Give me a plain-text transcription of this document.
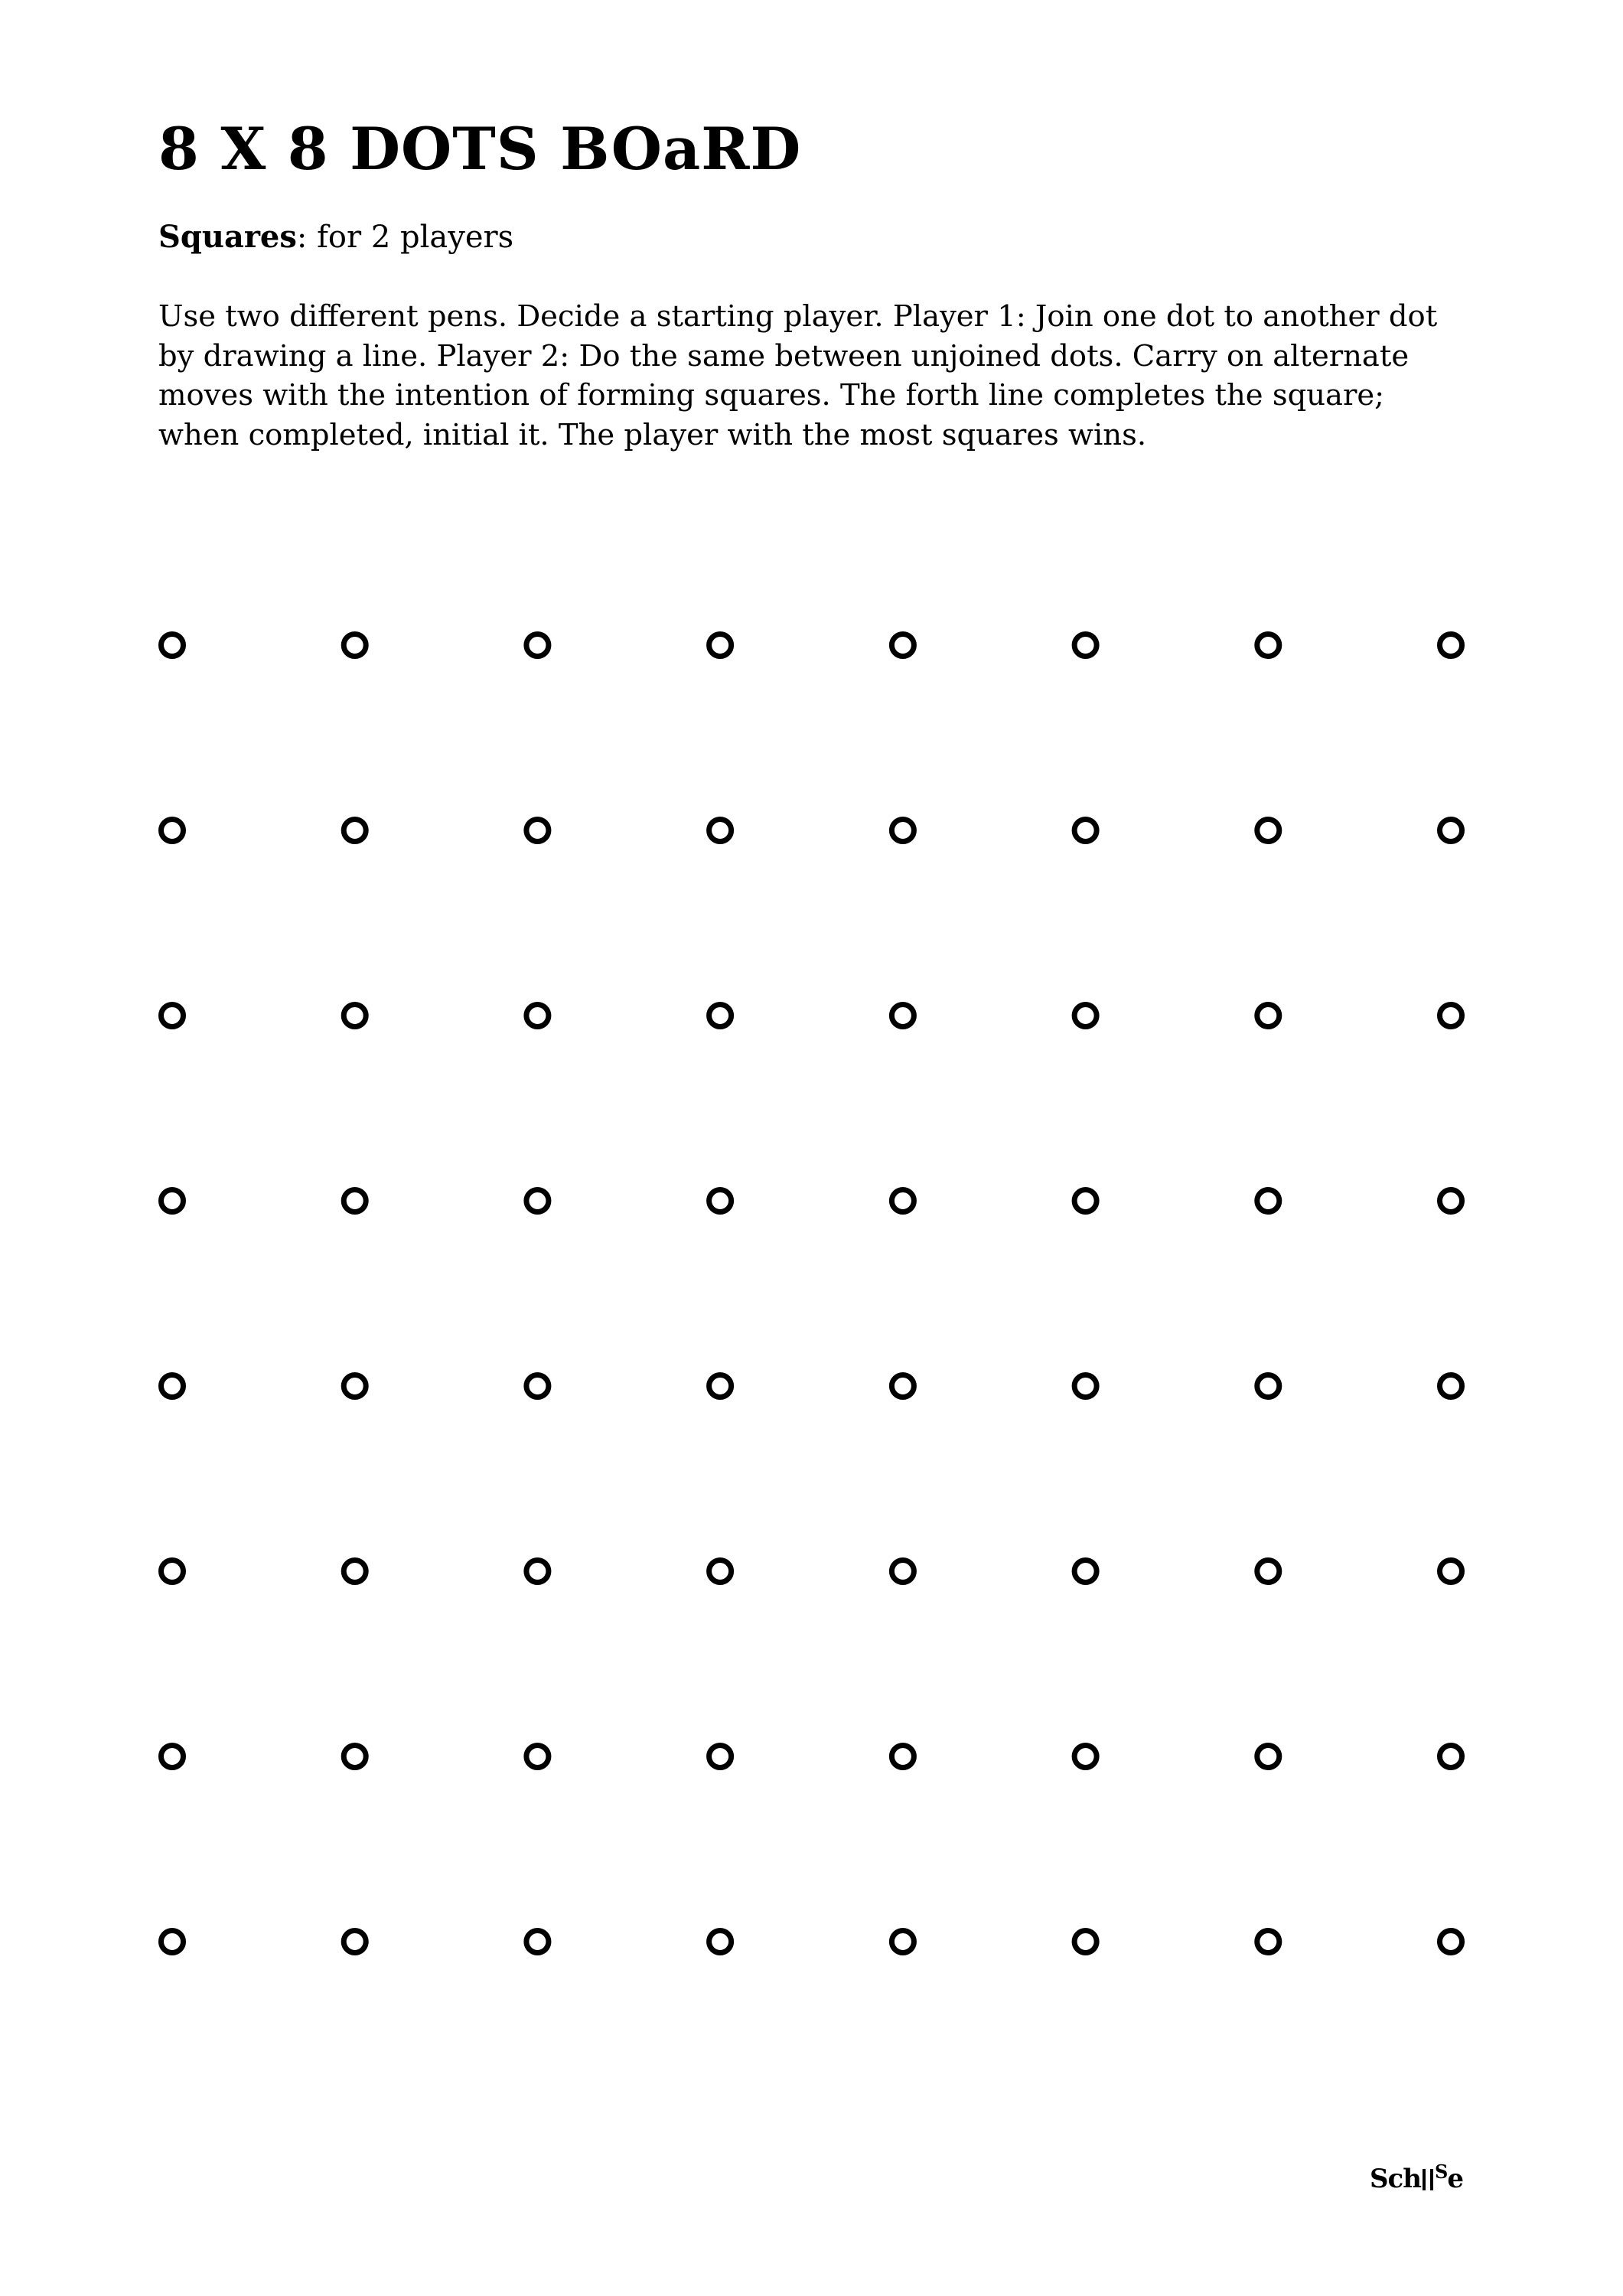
8 X 8 DOTS BOaRD

Squares: for 2 players

Use two different pens. Decide a starting player. Player 1: Join one dot to another dot
by drawing a line. Player 2: Do the same between unjoined dots. Carry on alternate
moves with the intention of forming squares. The forth line completes the square;
when completed, initial it. The player with the most squares wins.
Sch $^S$e
